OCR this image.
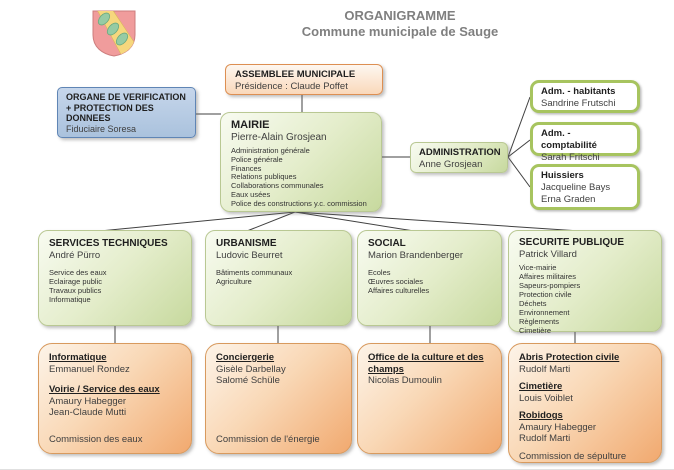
ORGANIGRAMME
Commune municipale de Sauge
ASSEMBLEE MUNICIPALE
Présidence : Claude Poffet
ORGANE DE VERIFICATION + PROTECTION DES DONNEES
Fiduciaire Soresa	MAIRIE
Pierre-Alain Grosjean
Administration générale
Police générale
Finances
Relations publiques
Collaborations communales
Eaux usées
Police des constructions y.c. commission
ADMINISTRATION
Anne Grosjean
Adm. - habitants
Sandrine Frutschi
Adm. - comptabilité
Sarah Fritschi
Huissiers
Jacqueline Bays
Erna Graden
SERVICES TECHNIQUES
André Pürro
Service des eaux
Eclairage public
Travaux publics
Informatique
URBANISME
Ludovic Beurret
Bâtiments communaux
Agriculture
SOCIAL
Marion Brandenberger
Ecoles
Œuvres sociales
Affaires culturelles
SECURITE PUBLIQUE
Patrick Villard
Vice-mairie
Affaires militaires
Sapeurs-pompiers
Protection civile
Déchets
Environnement
Règlements
Cimetière
Informatique
Emmanuel Rondez
Voirie / Service des eaux
Amaury Habegger
Jean-Claude Mutti
Commission des eaux
Conciergerie
Gisèle Darbellay
Salomé Schüle
Commission de l'énergie
Office de la culture et des champs
Nicolas Dumoulin
Abris Protection civile
Rudolf Marti
Cimetière
Louis Voiblet
Robidogs
Amaury Habegger
Rudolf Marti
Commission de sépulture
